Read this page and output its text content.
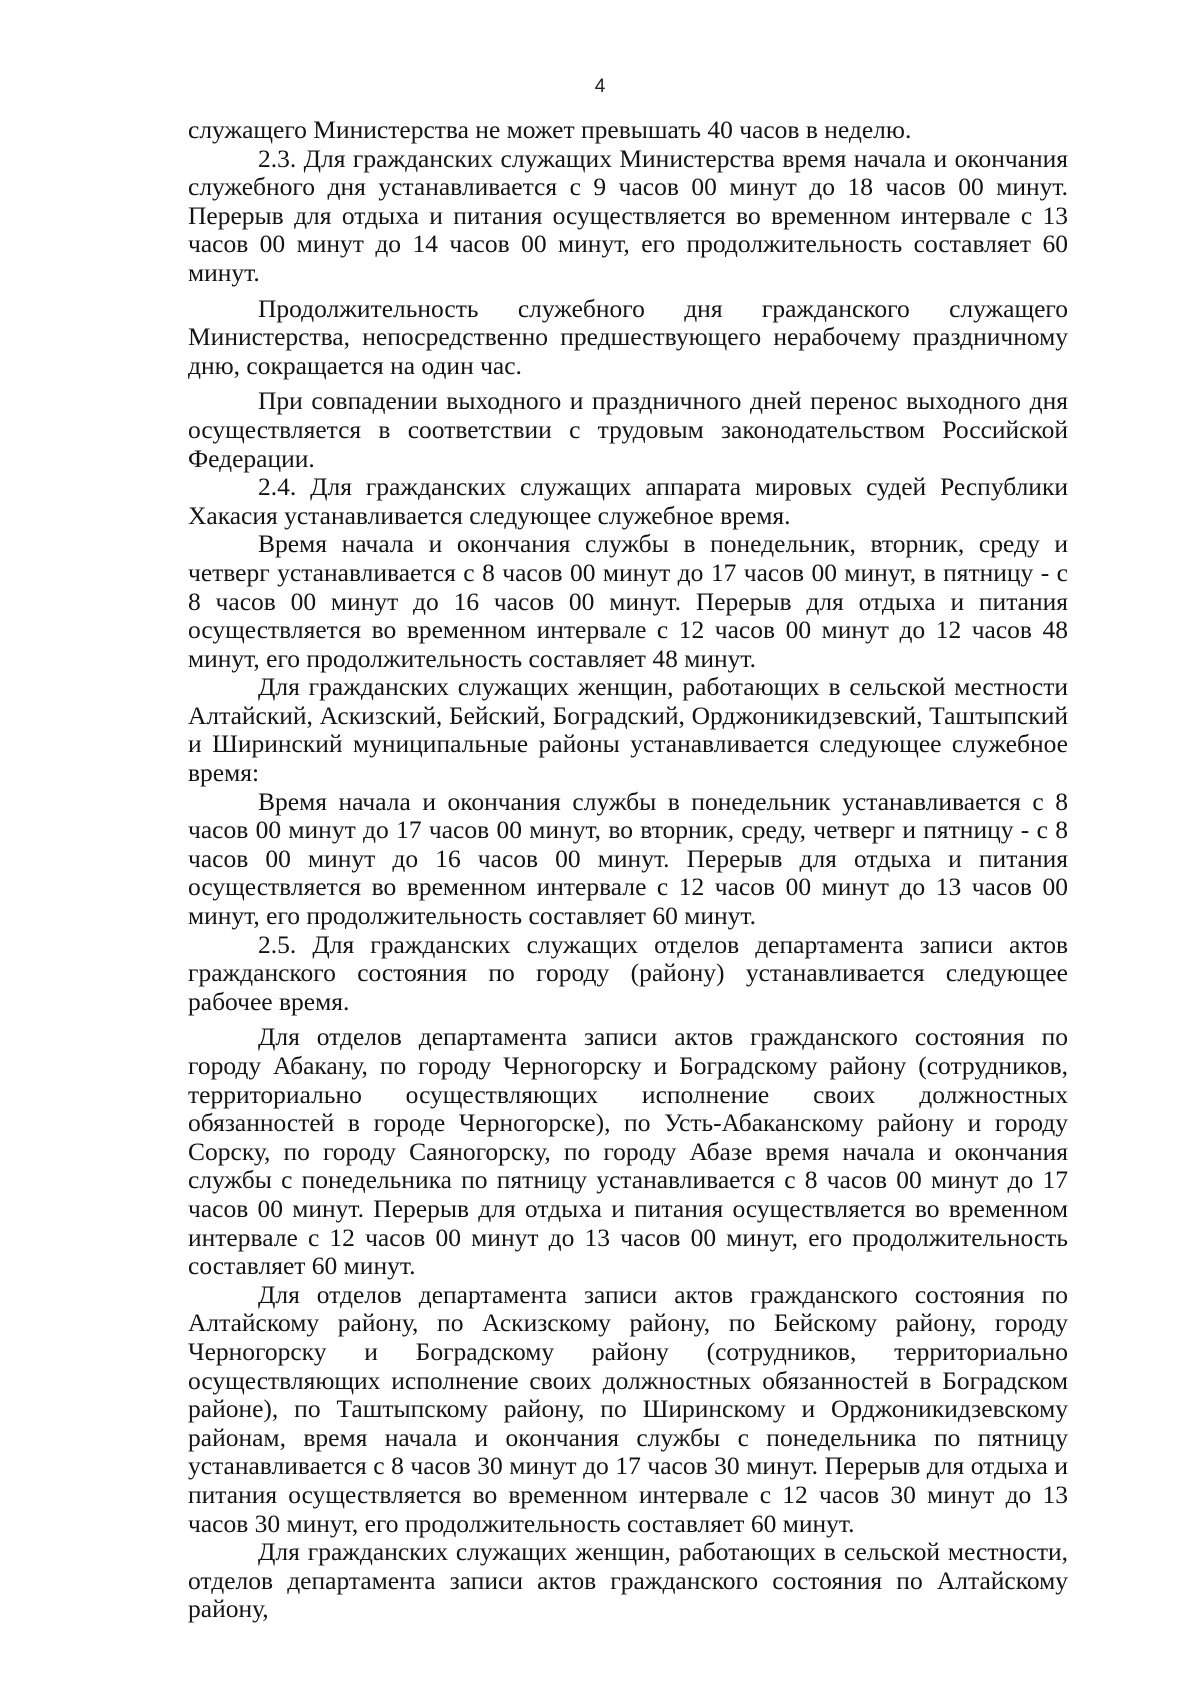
4

служащего Министерства не может превышать 40 часов в неделю.

2.3. Для гражданских служащих Министерства время начала и окончания служебного дня устанавливается с 9 часов 00 минут до 18 часов 00 минут. Перерыв для отдыха и питания осуществляется во временном интервале с 13 часов 00 минут до 14 часов 00 минут, его продолжительность составляет 60 минут.

Продолжительность служебного дня гражданского служащего Министерства, непосредственно предшествующего нерабочему праздничному дню, сокращается на один час.

При совпадении выходного и праздничного дней перенос выходного дня осуществляется в соответствии с трудовым законодательством Российской Федерации.

2.4. Для гражданских служащих аппарата мировых судей Республики Хакасия устанавливается следующее служебное время.

Время начала и окончания службы в понедельник, вторник, среду и четверг устанавливается с 8 часов 00 минут до 17 часов 00 минут, в пятницу - с 8 часов 00 минут до 16 часов 00 минут. Перерыв для отдыха и питания осуществляется во временном интервале с 12 часов 00 минут до 12 часов 48 минут, его продолжительность составляет 48 минут.

Для гражданских служащих женщин, работающих в сельской местности Алтайский, Аскизский, Бейский, Боградский, Орджоникидзевский, Таштыпский и Ширинский муниципальные районы устанавливается следующее служебное время:

Время начала и окончания службы в понедельник устанавливается с 8 часов 00 минут до 17 часов 00 минут, во вторник, среду, четверг и пятницу - с 8 часов 00 минут до 16 часов 00 минут. Перерыв для отдыха и питания осуществляется во временном интервале с 12 часов 00 минут до 13 часов 00 минут, его продолжительность составляет 60 минут.

2.5. Для гражданских служащих отделов департамента записи актов гражданского состояния по городу (району) устанавливается следующее рабочее время.

Для отделов департамента записи актов гражданского состояния по городу Абакану, по городу Черногорску и Боградскому району (сотрудников, территориально осуществляющих исполнение своих должностных обязанностей в городе Черногорске), по Усть-Абаканскому району и городу Сорску, по городу Саяногорску, по городу Абазе время начала и окончания службы с понедельника по пятницу устанавливается с 8 часов 00 минут до 17 часов 00 минут. Перерыв для отдыха и питания осуществляется во временном интервале с 12 часов 00 минут до 13 часов 00 минут, его продолжительность составляет 60 минут.

Для отделов департамента записи актов гражданского состояния по Алтайскому району, по Аскизскому району, по Бейскому району, городу Черногорску и Боградскому району (сотрудников, территориально осуществляющих исполнение своих должностных обязанностей в Боградском районе), по Таштыпскому району, по Ширинскому и Орджоникидзевскому районам, время начала и окончания службы с понедельника по пятницу устанавливается с 8 часов 30 минут до 17 часов 30 минут. Перерыв для отдыха и питания осуществляется во временном интервале с 12 часов 30 минут до 13 часов 30 минут, его продолжительность составляет 60 минут.

Для гражданских служащих женщин, работающих в сельской местности, отделов департамента записи актов гражданского состояния по Алтайскому району,
